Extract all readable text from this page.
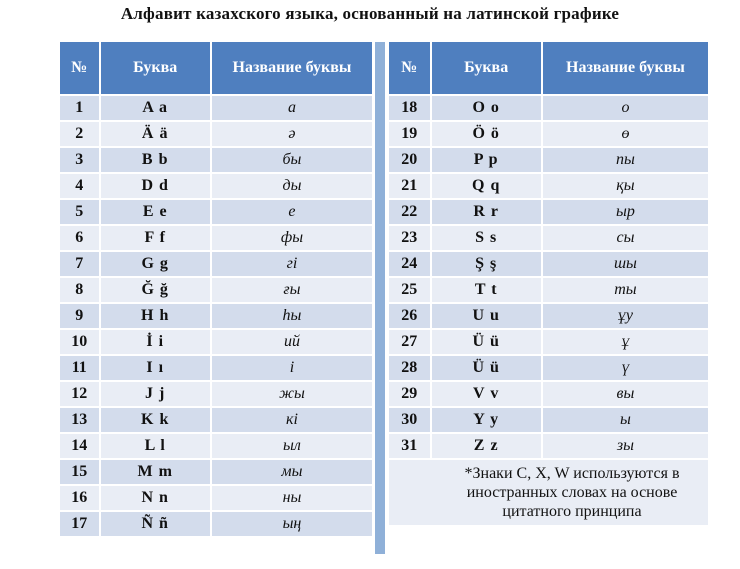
Алфавит казахского языка, основанный на латинской графике
№	Буква	Название буквы
1	A a	а
2	Ä ä	ә
3	B b	бы
4	D d	ды
5	E e	е
6	F f	фы
7	G g	гі
8	Ğ ğ	ғы
9	H h	һы
10	İ i	ий
11	I ı	і
12	J j	жы
13	K k	кі
14	L l	ыл
15	M m	мы
16	N n	ны
17	Ñ ñ	ың
№	Буква	Название буквы
18	O o	о
19	Ö ö	ө
20	P p	пы
21	Q q	қы
22	R r	ыр
23	S s	сы
24	Ş ş	шы
25	T t	ты
26	U u	ұу
27	Ü ü	ұ
28	Ü ü	ү
29	V v	вы
30	Y y	ы
31	Z z	зы
*Знаки C, X, W используются в иностранных словах на основе цитатного принципа		
